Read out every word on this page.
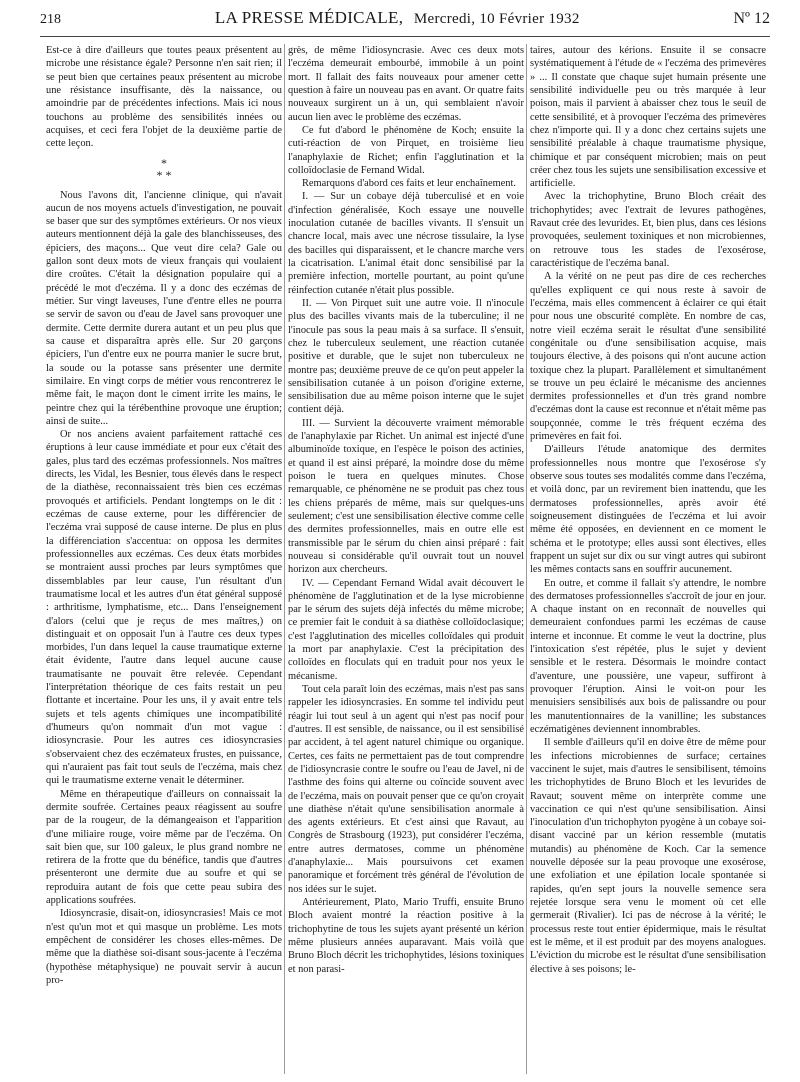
218	LA PRESSE MÉDICALE, Mercredi, 10 Février 1932	Nº 12

Est-ce à dire d'ailleurs que toutes peaux présentent au microbe une résistance égale? Personne n'en sait rien; il se peut bien que certaines peaux présentent au microbe une résistance insuffisante, dès la naissance, ou amoindrie par de précédentes infections. Mais ici nous touchons au problème des sensibilités innées ou acquises, et ceci fera l'objet de la deuxième partie de cette leçon.

*
* *

Nous l'avons dit, l'ancienne clinique, qui n'avait aucun de nos moyens actuels d'investigation, ne pouvait se baser que sur des symptômes extérieurs. Or nos vieux auteurs mentionnent déjà la gale des blanchisseuses, des épiciers, des maçons... Que veut dire cela? Gale ou gallon sont deux mots de vieux français qui voulaient dire croûtes. C'était la désignation populaire qui a précédé le mot d'eczéma. Il y a donc des eczémas de métier. Sur vingt laveuses, l'une d'entre elles ne pourra se servir de savon ou d'eau de Javel sans provoquer une dermite. Cette dermite durera autant et un peu plus que sa cause et disparaîtra après elle. Sur 20 garçons épiciers, l'un d'entre eux ne pourra manier le sucre brut, la soude ou la potasse sans présenter une dermite similaire. En vingt corps de métier vous rencontrerez le même fait, le maçon dont le ciment irrite les mains, le peintre chez qui la térébenthine provoque une éruption; ainsi de suite...

Or nos anciens avaient parfaitement rattaché ces éruptions à leur cause immédiate et pour eux c'était des gales, plus tard des eczémas professionnels. Nos maîtres directs, les Vidal, les Besnier, tous élevés dans le respect de la diathèse, reconnaissaient très bien ces eczémas provoqués et artificiels. Pendant longtemps on le dit : eczémas de cause externe, pour les différencier de l'eczéma vrai supposé de cause interne. De plus en plus la différenciation s'accentua: on opposa les dermites professionnelles aux eczémas. Ces deux états morbides se montraient aussi proches par leurs symptômes que dissemblables par leur cause, l'un résultant d'un traumatisme local et les autres d'un état général supposé : arthritisme, lymphatisme, etc... Dans l'enseignement d'alors (celui que je reçus de mes maîtres,) on distinguait et on opposait l'un à l'autre ces deux types morbides, l'un dans lequel la cause traumatique externe était évidente, l'autre dans lequel aucune cause traumatisante ne pouvait être relevée. Cependant l'interprétation théorique de ces faits restait un peu flottante et incertaine. Pour les uns, il y avait entre tels sujets et tels agents chimiques une incompatibilité d'humeurs qu'on nommait d'un mot vague : idiosyncrasie. Pour les autres ces idiosyncrasies s'observaient chez des eczémateux frustes, en puissance, qui n'auraient pas fait tout seuls de l'eczéma, mais chez qui le traumatisme externe venait le déterminer.

Même en thérapeutique d'ailleurs on connaissait la dermite soufrée. Certaines peaux réagissent au soufre par de la rougeur, de la démangeaison et l'apparition d'une miliaire rouge, voire même par de l'eczéma. On sait bien que, sur 100 galeux, le plus grand nombre ne retirera de la frotte que du bénéfice, tandis que d'autres présenteront une dermite due au soufre et qui se reproduira autant de fois que cette peau subira des applications soufrées.

Idiosyncrasie, disait-on, idiosyncrasies! Mais ce mot n'est qu'un mot et qui masque un problème. Les mots empêchent de considérer les choses elles-mêmes. De même que la diathèse soi-disant sous-jacente à l'eczéma (hypothèse métaphysique) ne pouvait servir à aucun pro-

grès, de même l'idiosyncrasie. Avec ces deux mots l'eczéma demeurait embourbé, immobile à un point mort. Il fallait des faits nouveaux pour amener cette question à faire un nouveau pas en avant. Or quatre faits nouveaux surgirent un à un, qui semblaient n'avoir aucun lien avec le problème des eczémas.

Ce fut d'abord le phénomène de Koch; ensuite la cuti-réaction de von Pirquet, en troisième lieu l'anaphylaxie de Richet; enfin l'agglutination et la colloïdoclasie de Fernand Widal.

Remarquons d'abord ces faits et leur enchaînement.

I. — Sur un cobaye déjà tuberculisé et en voie d'infection généralisée, Koch essaye une nouvelle inoculation cutanée de bacilles vivants. Il s'ensuit un chancre local, mais avec une nécrose tissulaire, la lyse des bacilles qui disparaissent, et le chancre marche vers la cicatrisation. L'animal était donc sensibilisé par la première infection, mortelle pourtant, au point qu'une réinfection cutanée n'était plus possible.

II. — Von Pirquet suit une autre voie. Il n'inocule plus des bacilles vivants mais de la tuberculine; il ne l'inocule pas sous la peau mais à sa surface. Il s'ensuit, chez le tuberculeux seulement, une réaction cutanée positive et durable, que le sujet non tuberculeux ne montre pas; deuxième preuve de ce qu'on peut appeler la sensibilisation cutanée à un poison d'origine externe, sensibilisation due au même poison interne que le sujet contient déjà.

III. — Survient la découverte vraiment mémorable de l'anaphylaxie par Richet. Un animal est injecté d'une albuminoïde toxique, en l'espèce le poison des actinies, et quand il est ainsi préparé, la moindre dose du même poison le tuera en quelques minutes. Chose remarquable, ce phénomène ne se produit pas chez tous les chiens préparés de même, mais sur quelques-uns seulement; c'est une sensibilisation élective comme celle des dermites professionnelles, mais en outre elle est transmissible par le sérum du chien ainsi préparé : fait nouveau si considérable qu'il ouvrait tout un nouvel horizon aux chercheurs.

IV. — Cependant Fernand Widal avait découvert le phénomène de l'agglutination et de la lyse microbienne par le sérum des sujets déjà infectés du même microbe; ce premier fait le conduit à sa diathèse colloïdoclasique; c'est l'agglutination des micelles colloïdales qui produit la mort par anaphylaxie. C'est la précipitation des colloïdes en floculats qui en traduit pour nos yeux le mécanisme.

Tout cela paraît loin des eczémas, mais n'est pas sans rappeler les idiosyncrasies. En somme tel individu peut réagir lui tout seul à un agent qui n'est pas nocif pour d'autres. Il est sensible, de naissance, ou il est sensibilisé par accident, à tel agent naturel chimique ou organique. Certes, ces faits ne permettaient pas de tout comprendre de l'idiosyncrasie contre le soufre ou l'eau de Javel, ni de l'asthme des foins qui alterne ou coïncide souvent avec de l'eczéma, mais on pouvait penser que ce qu'on croyait une diathèse n'était qu'une sensibilisation anormale à des agents extérieurs. Et c'est ainsi que Ravaut, au Congrès de Strasbourg (1923), put considérer l'eczéma, entre autres dermatoses, comme un phénomène d'anaphylaxie... Mais poursuivons cet examen panoramique et forcément très général de l'évolution de nos idées sur le sujet.

Antérieurement, Plato, Mario Truffi, ensuite Bruno Bloch avaient montré la réaction positive à la trichophytine de tous les sujets ayant présenté un kérion même plusieurs années auparavant. Mais voilà que Bruno Bloch décrit les trichophytides, lésions toxiniques et non parasi-

taires, autour des kérions. Ensuite il se consacre systématiquement à l'étude de « l'eczéma des primevères » ... Il constate que chaque sujet humain présente une sensibilité individuelle peu ou très marquée à leur poison, mais il parvient à abaisser chez tous le seuil de cette sensibilité, et à provoquer l'eczéma des primevères chez n'importe qui. Il y a donc chez certains sujets une sensibilité préalable à chaque traumatisme physique, chimique et par conséquent microbien; mais on peut créer chez tous les sujets une sensibilisation excessive et artificielle.

Avec la trichophytine, Bruno Bloch créait des trichophytides; avec l'extrait de levures pathogènes, Ravaut crée des levurides. Et, bien plus, dans ces lésions provoquées, seulement toxiniques et non microbiennes, on retrouve tous les stades de l'exosérose, caractéristique de l'eczéma banal.

A la vérité on ne peut pas dire de ces recherches qu'elles expliquent ce qui nous reste à savoir de l'eczéma, mais elles commencent à éclairer ce qui était pour nous une obscurité complète. En nombre de cas, notre vieil eczéma serait le résultat d'une sensibilité congénitale ou d'une sensibilisation acquise, mais toujours élective, à des poisons qui n'ont aucune action toxique chez la plupart. Parallèlement et simultanément se trouve un peu éclairé le mécanisme des anciennes dermites professionnelles et d'un très grand nombre d'eczémas dont la cause est reconnue et n'était même pas soupçonnée, comme le très fréquent eczéma des primevères en fait foi.

D'ailleurs l'étude anatomique des dermites professionnelles nous montre que l'exosérose s'y observe sous toutes ses modalités comme dans l'eczéma, et voilà donc, par un revirement bien inattendu, que les dermatoses professionnelles, après avoir été soigneusement distinguées de l'eczéma et lui avoir même été opposées, en deviennent en ce moment le schéma et le prototype; elles aussi sont électives, elles frappent un sujet sur dix ou sur vingt autres qui subiront les mêmes contacts sans en souffrir aucunement.

En outre, et comme il fallait s'y attendre, le nombre des dermatoses professionnelles s'accroît de jour en jour. A chaque instant on en reconnaît de nouvelles qui demeuraient confondues parmi les eczémas de cause interne et inconnue. Et comme le veut la doctrine, plus l'intoxication s'est répétée, plus le sujet y devient sensible et le restera. Désormais le moindre contact d'aventure, une poussière, une vapeur, suffiront à provoquer l'éruption. Ainsi le voit-on pour les menuisiers sensibilisés aux bois de palissandre ou pour les manutentionnaires de la vanilline; les substances eczématigènes deviennent innombrables.

Il semble d'ailleurs qu'il en doive être de même pour les infections microbiennes de surface; certaines vaccinent le sujet, mais d'autres le sensibilisent, témoins les trichophytides de Bruno Bloch et les levurides de Ravaut; souvent même on interprète comme une vaccination ce qui n'est qu'une sensibilisation. Ainsi l'inoculation d'un trichophyton pyogène à un cobaye soi-disant vacciné par un kérion ressemble (mutatis mutandis) au phénomène de Koch. Car la semence nouvelle déposée sur la peau provoque une exosérose, une exfoliation et une épilation locale spontanée si rapides, qu'en sept jours la nouvelle semence sera rejetée lorsque sera venu le moment où cet elle germerait (Rivalier). Ici pas de nécrose à la vérité; le processus reste tout entier épidermique, mais le résultat est le même, et il est produit par des moyens analogues. L'éviction du microbe est le résultat d'une sensibilisation élective à ses poisons; le-
